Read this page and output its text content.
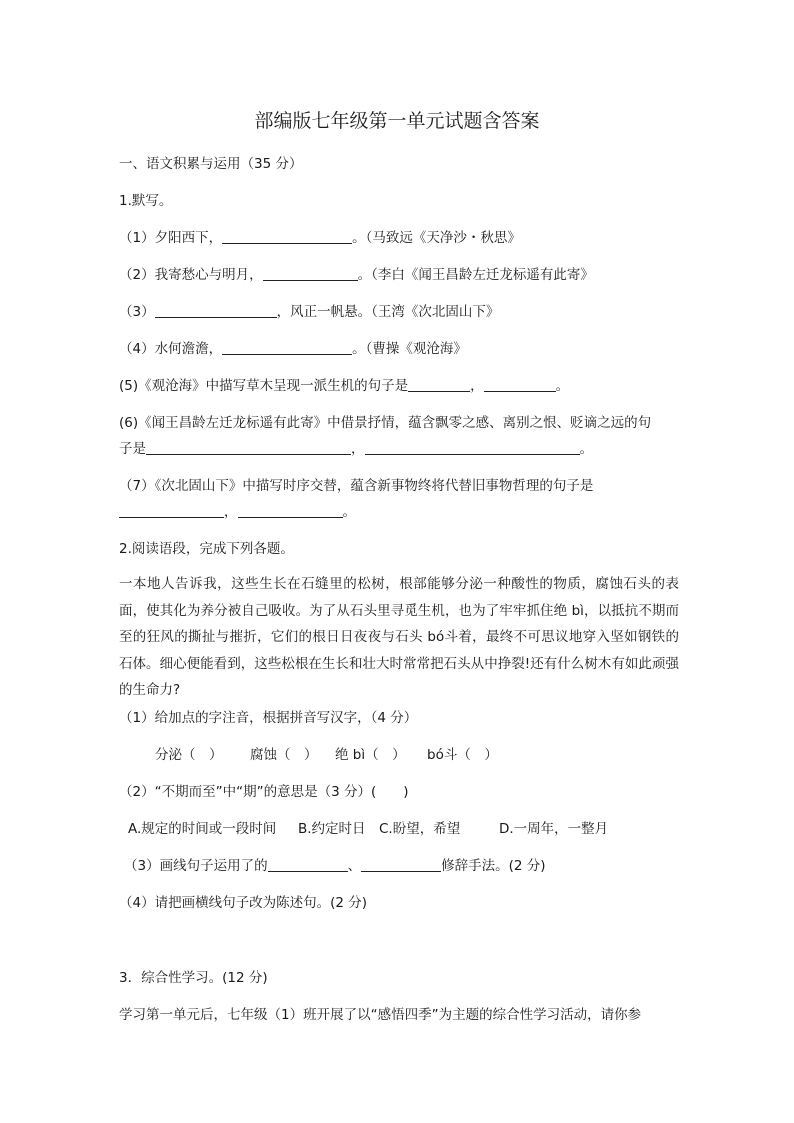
部编版七年级第一单元试题含答案
一、语文积累与运用（35 分）
1.默写。
（1）夕阳西下，	。（马致远《天净沙・秋思》
（2）我寄愁心与明月，	。（李白《闻王昌龄左迁龙标遥有此寄》
（3）	，风正一帆悬。（王湾《次北固山下》
（4）水何澹澹，	。（曹操《观沧海》
(5)《观沧海》中描写草木呈现一派生机的句子是	，	。
(6)《闻王昌龄左迁龙标遥有此寄》中借景抒情，蕴含飘零之感、离别之恨、贬谪之远的句
子是	，	。
（7）《次北固山下》中描写时序交替，蕴含新事物终将代替旧事物哲理的句子是
，	。
2.阅读语段，完成下列各题。
一本地人告诉我，这些生长在石缝里的松树，根部能够分泌一种酸性的物质，腐蚀石头的表面，使其化为养分被自己吸收。为了从石头里寻觅生机，也为了牢牢抓住绝 bì，以抵抗不期而至的狂风的撕扯与摧折，它们的根日日夜夜与石头 bó斗着，最终不可思议地穿入坚如钢铁的石体。细心便能看到，这些松根在生长和壮大时常常把石头从中挣裂!还有什么树木有如此顽强的生命力?
（1）给加点的字注音，根据拼音写汉字，（4 分）
分泌（　） 腐蚀（　） 绝 bì（　） bó斗（　）
（2）“不期而至”中“期”的意思是（3 分）(　　)
A.规定的时间或一段时间 B.约定时日 C.盼望，希望	D.一周年，一整月
（3）画线句子运用了的	、	修辞手法。(2 分)
（4）请把画横线句子改为陈述句。(2 分)
3．综合性学习。(12 分)
学习第一单元后，七年级（1）班开展了以“感悟四季”为主题的综合性学习活动，请你参
